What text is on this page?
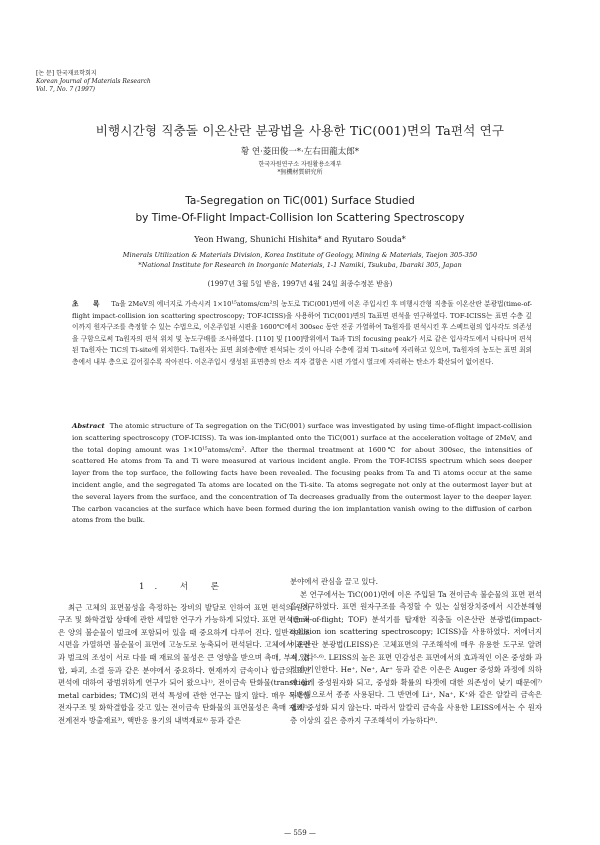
[논 문] 한국재료학회지
Korean Journal of Materials Research
Vol. 7, No. 7 (1997)
비행시간형 직충돌 이온산란 분광법을 사용한 TiC(001)면의 Ta편석 연구
황 연·菱田俊一*·左右田龍太郎*
한국자원연구소 자원활용소재부
*無機材質研究所
Ta-Segregation on TiC(001) Surface Studied
by Time-Of-Flight Impact-Collision Ion Scattering Spectroscopy
Yeon Hwang, Shunichi Hishita* and Ryutaro Souda*
Minerals Utilization & Materials Division, Korea Institute of Geology, Mining & Materials, Taejon 305-350
*National Institute for Research in Inorganic Materials, 1-1 Namiki, Tsukuba, Ibaraki 305, Japan
(1997년 3월 5일 받음, 1997년 4월 24일 최종수정본 받음)
초 록 Ta을 2MeV의 에너지로 가속시켜 1×10¹⁵atoms/cm²의 농도로 TiC(001)면에 이온 주입시킨 후 비행시간형 직충돌 이온산란 분광법(time-of-flight impact-collision ion scattering spectroscopy; TOF-ICISS)을 사용하여 TiC(001)면의 Ta표면 편석을 연구하였다. TOF-ICISS는 표면 수층 깊이까지 원자구조를 측정할 수 있는 수법으로, 이온주입된 시편을 1600℃에서 300sec 동안 진공 가열하여 Ta원자를 편석시킨 후 스펙트럼의 입사각도 의존성을 구함으로써 Ta원자의 편석 위치 및 농도구배를 조사하였다. [110] 및 [100]방위에서 Ta과 Ti의 focusing peak가 서로 같은 입사각도에서 나타나며 편석된 Ta원자는 TiC의 Ti-site에 위치한다. Ta원자는 표면 최외층에만 편석되는 것이 아니라 수층에 걸쳐 Ti-site에 자리하고 있으며, Ta원자의 농도는 표면 최외층에서 내부 층으로 깊어질수록 작아진다. 이온주입시 생성된 표면층의 탄소 격자 결함은 시편 가열시 벌크에 자리하는 탄소가 확산되어 없어진다.
Abstract The atomic structure of Ta segregation on the TiC(001) surface was investigated by using time-of-flight impact-collision ion scattering spectroscopy (TOF-ICISS). Ta was ion-implanted onto the TiC(001) surface at the acceleration voltage of 2MeV, and the total doping amount was 1×10¹⁵atoms/cm². After the thermal treatment at 1600℃ for about 300sec, the intensities of scattered He atoms from Ta and Ti were measured at various incident angle. From the TOF-ICISS spectrum which sees deeper layer from the top surface, the following facts have been revealed. The focusing peaks from Ta and Ti atoms occur at the same incident angle, and the segregated Ta atoms are located on the Ti-site. Ta atoms segregate not only at the outermost layer but at the several layers from the surface, and the concentration of Ta decreases gradually from the outermost layer to the deeper layer. The carbon vacancies at the surface which have been formed during the ion implantation vanish owing to the diffusion of carbon atoms from the bulk.
1. 서 론

최근 고체의 표면물성을 측정하는 장비의 발달로 인하여 표면 편석의 원자구조 및 화학결합 상태에 관한 세밀한 연구가 가능하게 되었다. 표면 편석은 적은 양의 불순물이 벌크에 포함되어 있을 때 중요하게 다루어 진다. 일반적으로 시편을 가열하면 불순물이 표면에 고농도로 농축되어 편석된다. 고체에서 표면과 벌크의 조성이 서로 다를 때 재료의 물성은 큰 영향을 받으며 촉매, 부식, 접합, 파괴, 소결 등과 같은 분야에서 중요하다. 현재까지 금속이나 합금의 표면 편석에 대하여 광범위하게 연구가 되어 왔으나¹⁾, 전이금속 탄화물(transition metal carbides; TMC)의 편석 특성에 관한 연구는 많지 않다. 매우 독특한 전자구조 및 화학결합을 갖고 있는 전이금속 탄화물의 표면물성은 촉매 재료²⁾, 전계전자 방출재료³⁾, 핵반응 용기의 내벽재료⁴⁾ 등과 같은

분야에서 관심을 끌고 있다.

본 연구에서는 TiC(001)면에 이온 주입된 Ta 전이금속 불순물의 표면 편석을 연구하였다. 표면 원자구조를 측정할 수 있는 실험장치중에서 시간분해형(time-of-flight; TOF) 분석기를 탑재한 직충돌 이온산란 분광법(impact-collision ion scattering spectroscopy; ICISS)을 사용하였다. 저에너지 이온산란 분광법(LEISS)은 고체표면의 구조해석에 매우 유용한 도구로 알려져 있다⁵·⁶⁾. LEISS의 높은 표면 민감성은 표면에서의 효과적인 이온 중성화 과정에 기인한다. He⁺, Ne⁺, Ar⁺ 등과 같은 이온은 Auger 중성화 과정에 의하여 쉽게 중성원자화 되고, 중성화 확률의 타겟에 대한 의존성이 낮기 때문에⁷⁾ 이온빔으로서 종종 사용된다. 그 반면에 Li⁺, Na⁺, K⁺와 같은 알칼리 금속은 쉽게 중성화 되지 않는다. 따라서 알칼리 금속을 사용한 LEISS에서는 수 원자층 이상의 깊은 층까지 구조해석이 가능하다⁸⁾.

— 559 —
